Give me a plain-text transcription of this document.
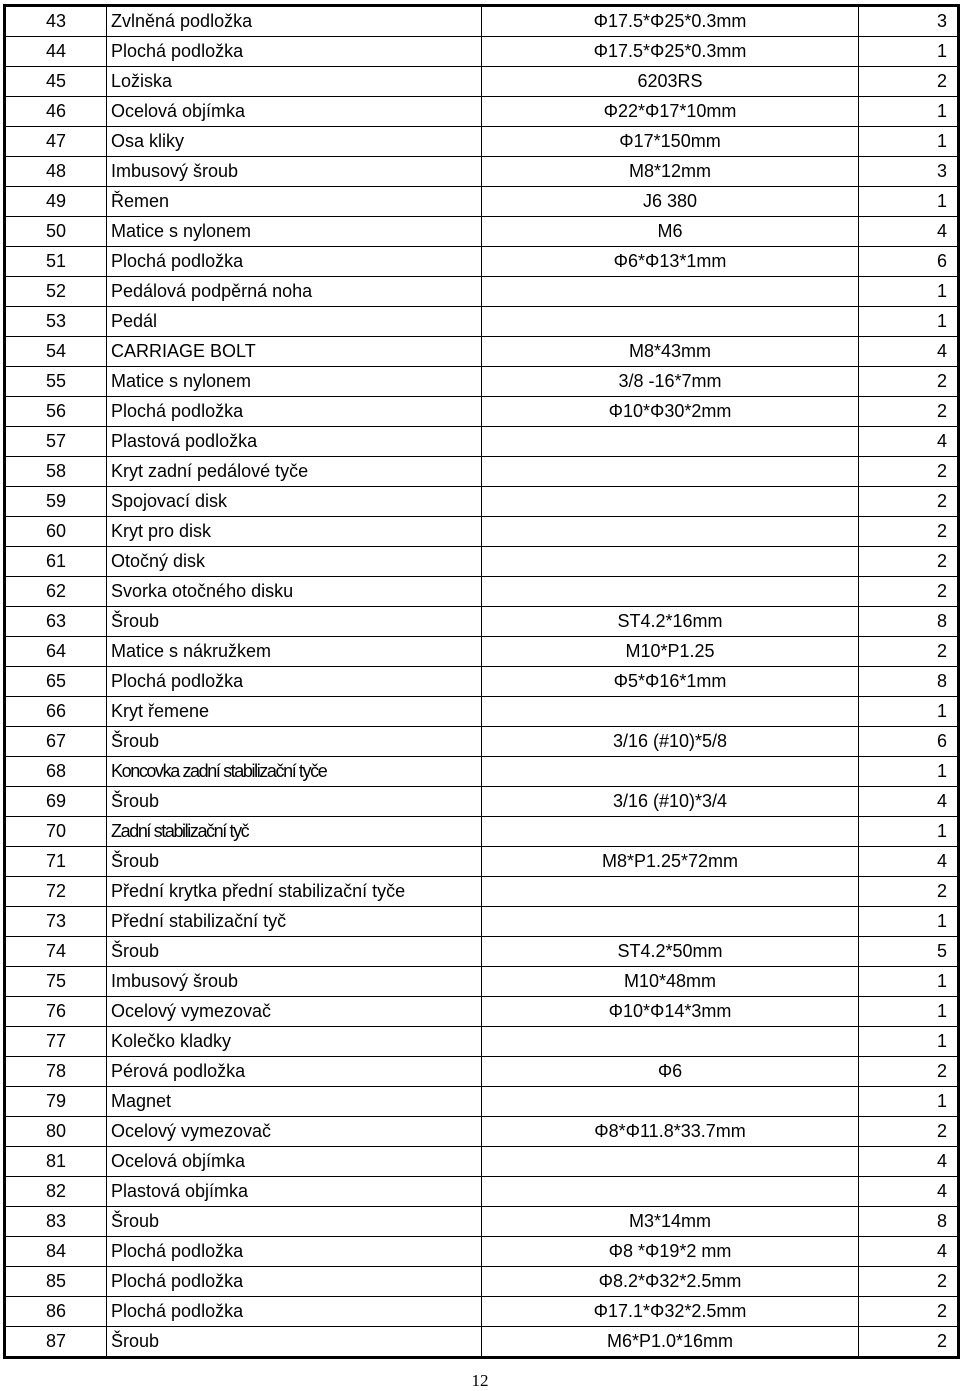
43	Zvlněná podložka	Φ17.5*Φ25*0.3mm	3
44	Plochá podložka	Φ17.5*Φ25*0.3mm	1
45	Ložiska	6203RS	2
46	Ocelová objímka	Φ22*Φ17*10mm	1
47	Osa kliky	Φ17*150mm	1
48	Imbusový šroub	M8*12mm	3
49	Řemen	J6 380	1
50	Matice s nylonem	M6	4
51	Plochá podložka	Φ6*Φ13*1mm	6
52	Pedálová podpěrná noha		1
53	Pedál		1
54	CARRIAGE BOLT	M8*43mm	4
55	Matice s nylonem	3/8 -16*7mm	2
56	Plochá podložka	Φ10*Φ30*2mm	2
57	Plastová podložka		4
58	Kryt zadní pedálové tyče		2
59	Spojovací disk		2
60	Kryt pro disk		2
61	Otočný disk		2
62	Svorka otočného disku		2
63	Šroub	ST4.2*16mm	8
64	Matice s nákružkem	M10*P1.25	2
65	Plochá podložka	Φ5*Φ16*1mm	8
66	Kryt řemene		1
67	Šroub	3/16 (#10)*5/8	6
68	Koncovka zadní stabilizační tyče		1
69	Šroub	3/16 (#10)*3/4	4
70	Zadní stabilizační tyč		1
71	Šroub	M8*P1.25*72mm	4
72	Přední krytka přední stabilizační tyče		2
73	Přední stabilizační tyč		1
74	Šroub	ST4.2*50mm	5
75	Imbusový šroub	M10*48mm	1
76	Ocelový vymezovač	Φ10*Φ14*3mm	1
77	Kolečko kladky		1
78	Pérová podložka	Φ6	2
79	Magnet		1
80	Ocelový vymezovač	Φ8*Φ11.8*33.7mm	2
81	Ocelová objímka		4
82	Plastová objímka		4
83	Šroub	M3*14mm	8
84	Plochá podložka	Φ8 *Φ19*2 mm	4
85	Plochá podložka	Φ8.2*Φ32*2.5mm	2
86	Plochá podložka	Φ17.1*Φ32*2.5mm	2
87	Šroub	M6*P1.0*16mm	2
12
